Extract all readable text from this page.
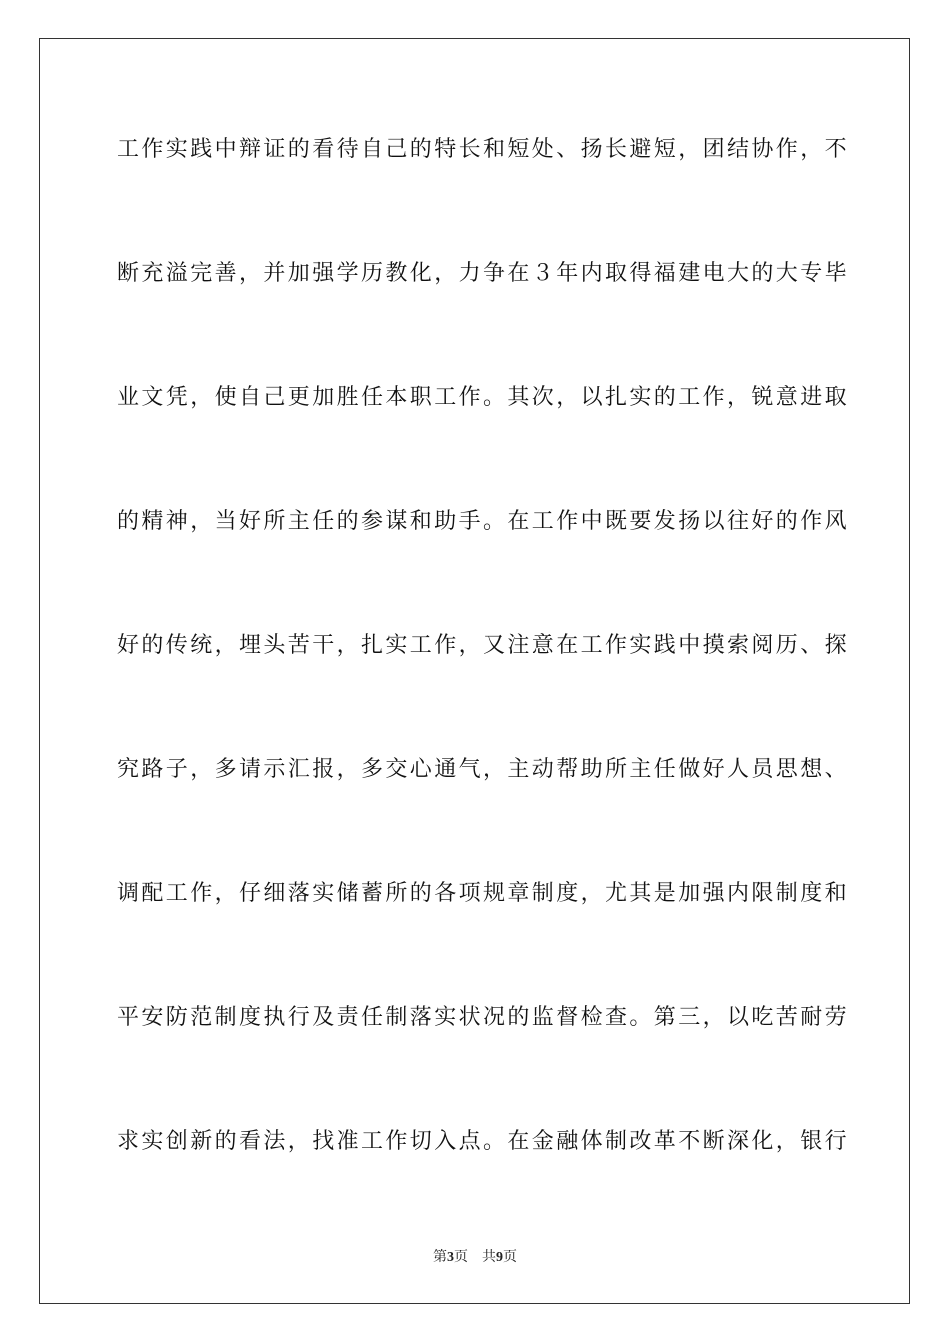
工作实践中辩证的看待自己的特长和短处、扬长避短，团结协作，不
断充溢完善，并加强学历教化，力争在３年内取得福建电大的大专毕
业文凭，使自己更加胜任本职工作。其次，以扎实的工作，锐意进取
的精神，当好所主任的参谋和助手。在工作中既要发扬以往好的作风
好的传统，埋头苦干，扎实工作，又注意在工作实践中摸索阅历、探
究路子，多请示汇报，多交心通气，主动帮助所主任做好人员思想、
调配工作，仔细落实储蓄所的各项规章制度，尤其是加强内限制度和
平安防范制度执行及责任制落实状况的监督检查。第三，以吃苦耐劳
求实创新的看法，找准工作切入点。在金融体制改革不断深化，银行
第3页 共9页
